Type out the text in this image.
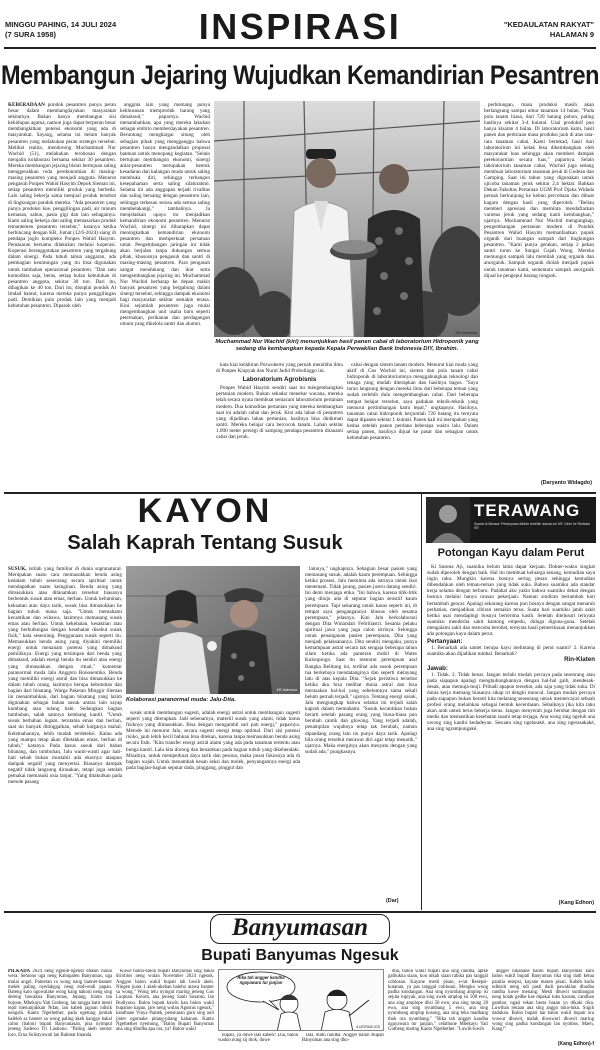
MINGGU PAHING, 14 JULI 2024
(7 SURA 1958)	INSPIRASI	"KEDAULATAN RAKYAT"
HALAMAN 9
Membangun Jejaring Wujudkan Kemandirian Pesantren

KEBERADAAN pondok pesantren punya peran besar dalam membangdayakan masyarakat sekitarnya. Bukan hanya membangun sisi kehidupan agama, namun juga dapat berperan besar membangkitkan potensi ekonomi yang ada di masyarakat. Sayang, selama ini belum banyak pesantren yang melakukan peran strategis tersebut. Melihat realita, mendorong Muchammad Nur Wachid (51), melakukan terobosan dengan menjalin kolaborasi bersama sekitar 30 pesantren. Mereka membangun jejaring bisnis bertujuan saling menggerakkan roda perekonomian di masing-masing pesantren yang menjadi anggota. Menurut pengasuh Ponpes Wahid Hasyim Depok Sleman ini, setiap pesantren memiliki produk yang berbeda. Lalu saling bekerja sama menjual produk tersebut di lingkungan pondok mereka. "Ada pesantren yang punya produksi kue, penggilingan padi, air minum kemasan, sabun, pasta gigi dan lain sebagainya. Kami saling bekerja dan saling memasarkan produk temantemen pesantren tersebut," katanya ketika berbincang dengan KR, Jumat (12/6-2024) siang di pendapa joglo kompleks Ponpes Wahid Hasyim. Pemasaran bersama dilakukan melalui koperasi. Koperasi beranggotakan pesantren yang tergabung dalam sinergi. Pada tubuh tahun anggaran, ada pembagian keuntungan yang itu bisa digunakan untuk tambahan operasional pesantren. "Dan satu komoditas saja, beras, setiap bulan kebutuhan di pesantren anggota, sekitar 30 ton. Dari itu, dibagikan ke 40 ton. Dari itu, disuplai pondok Al Imdad bantul, karena mereka punya penggilingan padi. Demikian pula produk lain yang menjadi kebutuhan pesantren. Dipasok oleh

anggota lain yang memang punya kekhususan memproduk barang yang dimaksud," paparnya. Wachid menambahkan, apa yang mereka lakukan sebagai embrio memberdayakan pesantren. Beruntung menghargai situng oleh sebagian pihak yang mengganggu bahwa pesantren hanya mengandalkan proposal bantuan untuk menopang kegiatan. "Selain bertujuan membangun ekonomi, sinergi antar-pesantren merupakan bentuk kesadaran dan kalangan muda untuk saling membuka diri, sehingga terbangun kesepahaman serta saling silaturahmi. Selama ini ada anggapan terjadi rivalitas dan saling bersaing dengan pesantren lain, sehingga terkesan serasa ada semua saling membelakangi," tambahnya. Ia menjelaskan upaya itu menjadikan kemandirian ekonomi pesantren. Menurut Wachid, sinergi ini diharapkan dapat meningkatkan kemandirian ekonomi pesantren dan memperkuat persatuan umat. Pengembangan jaringan ini tidak akan berjalan tanpa dukungan semua pihak, khususnya pengasuh dan santri di masing-masing pesantren. Para pengasuh sangat mendukung dan ikut serta mengembangkan jejaring ini. Muchammad Nur Wachid berharap ke depan makin banyak pesantren yang bergabung dalam sinergi tersebut, sehingga dampak ekonomi bagi masyarakat sekitar semakin terasa. Kini sejumlah pesantren juga mulai mengembangkan unit usaha baru seperti peternakan, perikanan dan perdagangan umum yang dikelola santri dan alumni.

KR-Istimewa
Muchammad Nur Wachid (kiri) menunjukkan hasil panen cabai di laboratorium Hidroponik yang sedang dia kembangkan kepada Kepala Perwakilan Bank Indonesia DIY, Ibrahim.

kata kiai kelahiran Purwokerto yang pernah menimba ilmu di Ponpes Krapyak dan Nurul Jadid Probolinggo ini.

Laboratorium Agrobisnis

Ponpes Wahid Hasyim sendiri saat ini mengembangkan pertanian modern. Bukan sekadar menebar wacana, mereka telah secara nyata membuat semacam laboratorium pertanian modern. Dua komoditas pertanian yang mereka kembangkan saat ini adalah cabai dan jeruk. Kini ada lahan di pesantren yang dijadikan lahan pertanian, hasilnya bisa dinikmati santri. Mereka belajar cara bercocok tanam. Lahan sekitar 1.000 meter persegi di samping pendapa pesantren ditanami cabai dan jeruk.

cabai dengan sistem tanam modern. Menurut kiai muda yang aktif di Gus Wachid ini, sistem dan pola tanam cabai hidroponik di laboratoriumnya menggabungkan teknologi dan tenaga yang mudah diterapkan dan hasilnya bagus. "Saya turun langsung dengan mereka ilmu dari beberapa teman yang sudah terlebih dulu mengembangkan cabai. Dari beberapa tempat belajar tersebut, saya padukan teknik-teknik yang menurut pertimbangan kami tepat," ungkapnya. Hasilnya, tanaman cabai hidroponik berjumlah 720 batang itu ternyata dapat dipanen sekitar 1 kuintal. Panen kali ini merupakan yang kedua setelah panen perdana beberapa waktu lalu. Dalam setiap panen, hasilnya dijual ke pasar dan sebagian untuk kebutuhan pesantren.

perhitungan, masa produksi masih akan berlangsung sampai umur tanaman 14 bulan. "Pada pola tanam biasa, dari 720 batang pohon, paling hasilnya sekitar 3-4 kuintal. Usai produktif pun hanya kisaran 4 bulan. Di laboratorium kami, hasil panen dan perkiraan masa produksi jauh di atas rata-rata tanaman cabai. Kami bertekad, hasil dari laboratorium ini kelak bisa dikembangkan oleh masyarakat luas sehingga akan memberi dampak perekonomian secara luas," paparnya. Selain laboratorium tanaman cabai, Wachid juga sedang membuat laboratorium tanaman jeruk di Godean dan Gamping. Saat ini tahun yang digunakan untuk ujicoba tanaman jeruk sekitar 2,4 hektar. Bahkan Dekan Fakultas Pertanian UGM Prof Djaka Widada pernah berkunjung ke kebun percobaan dan dibuat kagum dengan hasil yang diperoleh. "Beliau memberi apresiasi dan meminta mendaftarkan varietas jeruk yang sedang kami kembangkan," ujarnya. Muchammad Nur Wachid mengungkap, pengembangan pertanian modern di Pondok Pesantren Wahid Hasyim memanfaatkan pupuk organik dari buangan sampah dari lingkungan pesantren. "Kami punya gerakan, setiap 2 pekan santri turun ke Sungai Gajah Wong. Mereka memungut sampah lalu memilah yang organik dan anorganik. Sampah organik diolah menjadi pupuk untuk tanaman kami, sementara sampah anorganik dijual ke pengepul barang rongsok.

(Daryanto Widagdo)
KAYON
Salah Kaprah Tentang Susuk

SUSUK, istilah yang familiar di dunia supranatural. Merupakan suatu cara memasukkan benda asing kedalam tubuh seseorang secara spiritual untuk mendapatkan suatu keinginan. Benda asing yang dimasukkan atau ditanamkan tersebut biasanya berbentuk susuk atau emas, berlian. Untuk kebutuhan, kekuatan atau daya tarik, susuk bisa dimasukkan ke bagian tubuh mana saja. "Untuk memahami kecantikan dan wibawa, lazimnya memasang susuk emas atau berlian. Untuk kekebalan, kesaktian atau yang berhubungan dengan kesehatan disebut susuk fisik," kata seseorang. Penggunaan susuk seperti itu. Memasukkan benda asing yang diyakini memiliki energi untuk menanam potensi yang dimaksud pemiliknya. Energi yang tersimpan dari benda yang dimaksud, adalah energi benda itu sendiri atau energi yang dimasukkan dengan ritual," komentar paranormal muda Jalu Anggoro Ronosentiko. Benda yang memiliki energi astral dan bisa dimasukkan ke dalam tubuh orang, lazimnya berupa kebutuhan dan bagian dari binatang. Warga Pakeran Minggir Sleman ini menambahkan, dari bagian binatang yang lazim digunakan sebagai bahan susuk antara lain sayap kumbang atau tulang babi. Sedangkan bagian tumbuhan, salah satunya kembang kantil. "Untuk susuk berbahan logam, terutama emas dan berlian, saat ini banyak ditinggalkan, sebab harganya mahal. Kelemahannya, lebih mudah terdeteksi. Kalau ada yang mampu tetap akan diletakkan emas, berlian di tubuh," katanya. Pada kasus susuk dari bahan binatang, dan tumbuhan, Jalu wanti-wanti agar hati-hati sebab bukan mustahil ada ekornya ataupun dampak negatif yang menyertai. Biasanya dampak negatif tidak langsung dirasakan, tetapi juga setelah pemakai memasuki usia lanjut. "Yang ditakutkan pada metode pasang

KR-Istimewa
Kolaborasi paranormal muda: Jalu-Dita.

susuk untuk membangun sugesti, adalah energi astral untuk membangun sugesti seperti yang diterapkan. Jadi sebenarnya, materiil susuk yang alami, tidak harus fisiknya yang dimasukkan. Bisa dengan mengambil sari pati energi," paparnya. Metode ini menurut Jalu, secara sugesti energi tetap optimal. Dari sisi potensi risiko, jauh lebih kecil bahkan bisa ditekan, karena tanpa memasukkan benda asing secara fisik. "Kita transfer energi astral alami yang ada pada tanaman tertentu atau bunga kantil. Lalu kita dorong dan benamkan pada bagian tubuh yang dikehendaki. Misalnya, untuk memperkuat daya tarik dan pesona, maka pusat fokusnya ada di bagian wajah. Untuk menambah kesan seksi dan molek, penyangannya energi ada pada bagian-bagian seputar dada, pinggang, pinggul dan

lainnya," ungkapnya. Sebagian besar pasien yang memasang susuk, adalah kaum perempuan. Sehingga ketika prosesi, Jalu meminta ada istrinya untuk ikut menemani. Tidak jarang, pasien justru datang sendiri. Ini demi menjaga etika. "Ini bahwa, karena titik-titik yang dituju ada di seputar bagian sensitif kaum perempuan. Tapi sekarang untuk kasus seperti ini, di tempat saya pengangannya khusus oleh sesama perempuan," jelasnya. Kini Jalu berkolaborasi dengan Dita Wulandari Febriliastri. Sesama pelaku spiritual jawa yang juga calon istrinya. Sehingga untuk penanganan pasien perempuan, Dita yang menjadi pelaksananya. Dita sendiri mengaku, punya kemampuan astral secara tak sengaja beberapa tahun silam ketika ada pameran mobil di Wates Kulonprogo. Saat itu menurut perempuan asal Bangka Belitung ini, terlihat ada sosok perempuan tua berkebaya mendatanginya dan seperti melayang lalu di atas kepala Dita. "Sejak peristiwa tersebut ketika aku bisa melihat dunia astral dan bisa merasakan hal-hal yang sebelumnya sama sekali belum pernah terjadi," ujarnya. Tentang energi susuk, Jalu mengungkap bahwa selama ini terjadi salah kaprah dalam memahami. "Susuk kecantikan bukan berarti setelah pasang orang yang biasa-biasa pun berubah cantik dan glowing. Yang terjadi adalah, penampilan wajahnya tetap tak berubah, namun dipandang orang lain itu punya daya tarik. Apalagi bila orang tersebut merawat diri agar tetap menarik," ujarnya. Maka energinya akan menyatu dengan yang sudah ada," pungkasnya.

(Dar)
TERAWANG
Syarat di Neraca: Pertanyaan dikirim terlebih dahulu ke KR. Kirim ke Redaksi KR
Potongan Kayu dalam Perut

Ki Susena Aji, suamiku belum lama dapat kerjaan. Dokter-waktu singkat sudah diperoleh dengan baik. Hal itu membuat keluarga senang, kemudian saya ingin tahu. Mungkin karena bosnya sering pesan sehingga kemudian dibendahkan oleh teman-teman yang tidak suka. Bahwa suamiku ada standar kerja selama dengan terburu. Padahal aku yakin bahwa suamiku dekat dengan bosnya melalui hanya urusan pekerjaan. Namun sindiran bertambah hari bertambah gencar. Apalagi sekarang karena pun bosnya dengan sangat menaruh perhatian, menjadikan cibiran semakin terus. Suatu hari suamiku jatuh sakit ketika usai mendapingi bosnya berterima kasih. Setelah ditelusuri ternyata suamiku menderita sakit kantong empedu, diduga diguna-guna. Setelah mengalami sakit dan mencoba berobat, ternyata hasil pemeriksaan menunjukkan ada potongan kayu dalam perut.

Pertanyaan:

1. Benarkah ada santet berupa kayu melintang di perut suami? 2. Karena suamiku akan dijadikan tumbal. Benarkah?

Rin-Klaten
Jawab:

1. Tidak. 2. Tidak benar. Jangan terlalu mudah percaya pada seseorang atau pada siapapun apalagi menghubungkannya dengan hal-hal gaib, mendesak-desak, atau memuja-muji. Pribadi apapun tersebut, ada saja yang tidak suka. Di dunia kerja memang biasanya sikap iri dengki muncul. Jangan mudah percaya pada siapapun bukan berarti kita melarang seseorang untuk memercayai sebuah profesi orang melainkan sebagai bentuk kecerdasan. Sebaiknya jika kita tahu akan arah untuk terus bekerja keras. Jangan menyerah juga berobat dengan tim medis dan memastikan kesehatan suami tetap terjaga. Ana wong sing ngeluh ana uwong sing kanthi kedadeyan. Sesuatu sing ngelaraké, ana sing ngerasakaké, ana sing ngrampungaké.

(Kang Edhon)
Banyumasan
Bupati Banyumas Ngesuk

PILKADA 2024 neng ngendi-ngendi dhasih mulai wera. Semono uga neng Kabupaten Banyumas, uga mulai angel. Pameran ra wong nang banner-banner melek paling nyedakgog neng endi-endi papan. Bareng karo ngowalake wong kang nakoni neng sing dereng bawakna Banyumas, Jepang, klaim tan bojone, Mbekayu Yati Gutheng, lan tangga batir mesti tepil menunjukkan Ndan, lan kabeh jagoan ndisik nengsih. Kanto Ngethether, pada ngetung jumlah baleleh sa banner sa wong paling akeh kanggo bakal calon (balon) bupati Banyumasan, pisa nyimpul jeneng Sadewo Tri Lastiono. "Paling akeh nomor loro, Erna Sulistyowati lan Rahmat Imanda.

Kuwe balon-balon bupati Banyumas sing bakal dicoblos neng wulan November 2024 ngesuk. Anggon balon wakil bupati lah luwih akeh. Ningen juara 1 akeh-akehan baleho utawa banner sa wong," Wong telu nyingut maring jeneng Gus Luqman. Kelorn, ana jeneng Santi Susanto, lan Budiyono. Balon bupati kawin kan balon wakil bupatine kapan, jare neng wulan Agustus ngesuk," kandhane Vinya Pantek, pensiunan guru sing auli jinter ngomake pitang-pitang kahanan. Kanto Ngethether nyemong, "Balon Bupati Banyumas ana sing dhudha apa ora, ya? Balon wakil

Rika tah angger kandha ngayawara tur janjian
ILUSTRASI JOS

bupati, ya duwe laki kabeh? Lha, balon wadon nung sij thok, duwe

laki, dudu randha. Angger balon Bupati Banyumas ana sing dhu-

dha, balon wakil bupati ana sing randha, apike gathukna siaan, kon nikah siaan rabika pas tanggal coblosan. Kayane mesti pisan, e-rat Resepsi-kutanan, ya pas tanggal coblosan. Mengko wong padha kondangan. Ana sing nyumbang amplop isi sejuta rupiyah, ana sing aweh amplop isi 500 ewu, ana sing amplope diisi 50 ewu, ana sing mung 20 ewu, ana sing nyumbang 5 ewu, ana sing nyumbang amplop kosong, ana sing teka madhang thok ora nyumbang." "Rika tah angger kandha ngayawara tur janjian," celathune Mbekayu Yati Gutheng maring Kanto Ngethether. "Luwih-luwih

angger nikahane balon bupati Banyumas karo balon wakil bupati Banyumas rika sing dadi ketua panitia resepsi, kayane masen pisan. Kabeh kudu ndhisiti neng ndi pasti dadi pawakilan dhudha randha kuwe menang. Mesti dhuwit sumbangan neng kotak gedhe kae dipakai tuku kaosan, candhan gambar, ngasi tekan beras basan yo dikaki rika. Luwihan rekaan ana sing anggo tuku-tuku. Sugih dadakan. Balon bupati lan balon wakil bupati ora wuwur dhuwit, malah diwuwuri dhuwit maring wong sing padha kondangan lan nyoblos. Maen, Kang!"

(Kang Edhon)-f
